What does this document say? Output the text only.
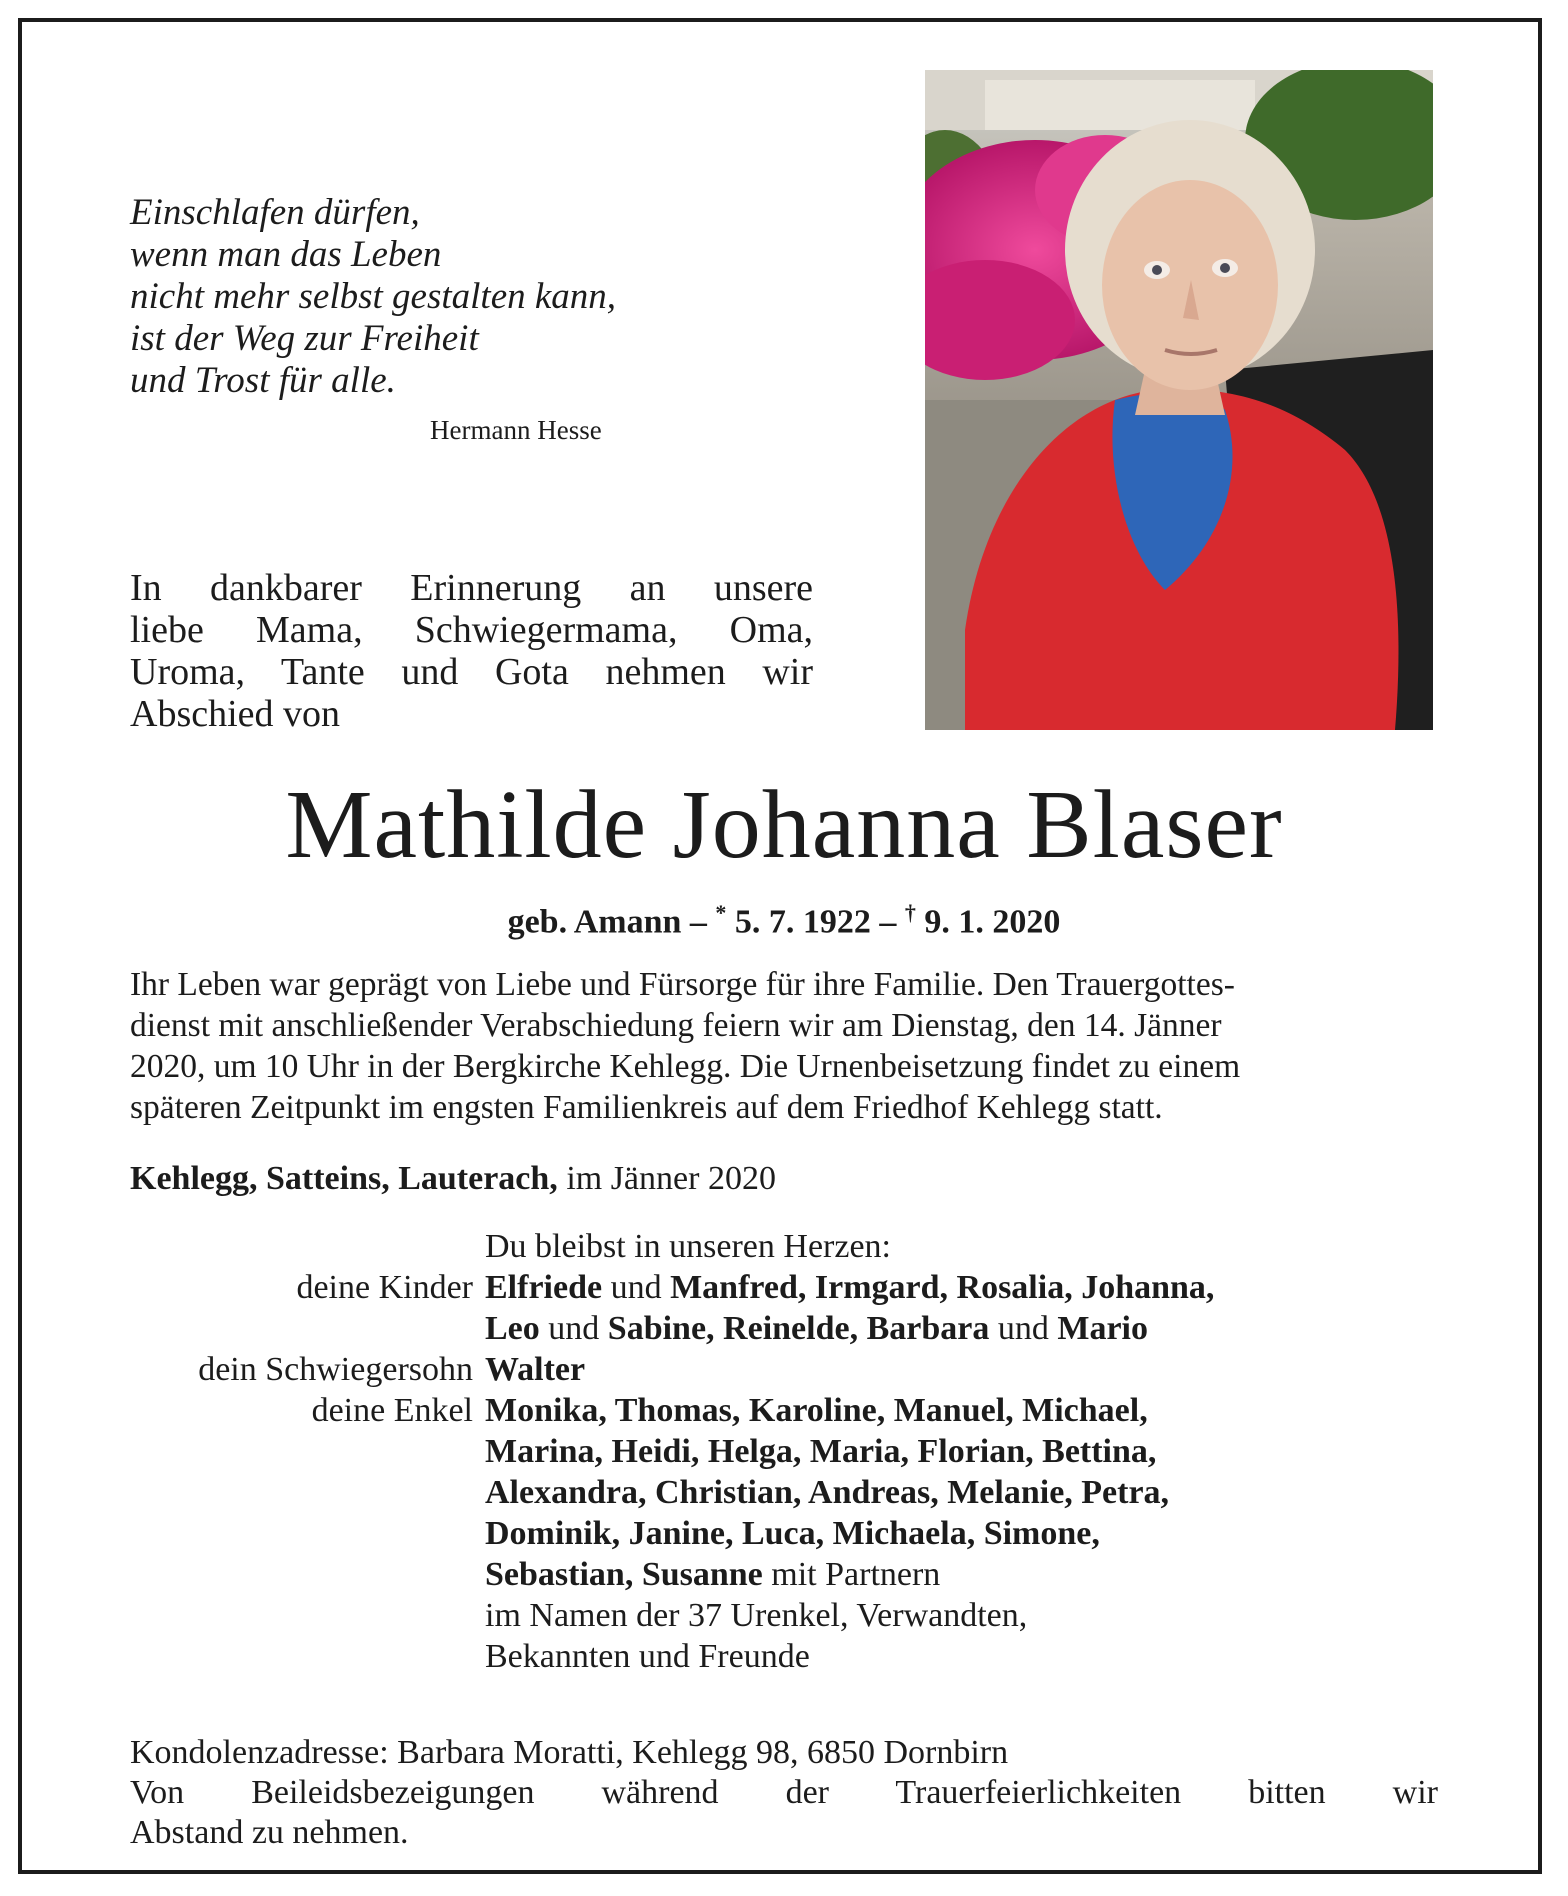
Einschlafen dürfen,
wenn man das Leben
nicht mehr selbst gestalten kann,
ist der Weg zur Freiheit
und Trost für alle.
Hermann Hesse
In dankbarer Erinnerung an unsere
liebe Mama, Schwiegermama, Oma,
Uroma, Tante und Gota nehmen wir
Abschied von
Mathilde Johanna Blaser
geb. Amann – * 5. 7. 1922 – † 9. 1. 2020
Ihr Leben war geprägt von Liebe und Fürsorge für ihre Familie. Den Trauergottes-
dienst mit anschließender Verabschiedung feiern wir am Dienstag, den 14. Jänner
2020, um 10 Uhr in der Bergkirche Kehlegg. Die Urnenbeisetzung findet zu einem
späteren Zeitpunkt im engsten Familienkreis auf dem Friedhof Kehlegg statt.
Kehlegg, Satteins, Lauterach, im Jänner 2020
Du bleibst in unseren Herzen:
deine Kinder Elfriede und Manfred, Irmgard, Rosalia, Johanna,
Leo und Sabine, Reinelde, Barbara und Mario
dein Schwiegersohn Walter
deine Enkel Monika, Thomas, Karoline, Manuel, Michael,
Marina, Heidi, Helga, Maria, Florian, Bettina,
Alexandra, Christian, Andreas, Melanie, Petra,
Dominik, Janine, Luca, Michaela, Simone,
Sebastian, Susanne mit Partnern
im Namen der 37 Urenkel, Verwandten,
Bekannten und Freunde
Kondolenzadresse: Barbara Moratti, Kehlegg 98, 6850 Dornbirn
Von Beileidsbezeigungen während der Trauerfeierlichkeiten bitten wir
Abstand zu nehmen.
